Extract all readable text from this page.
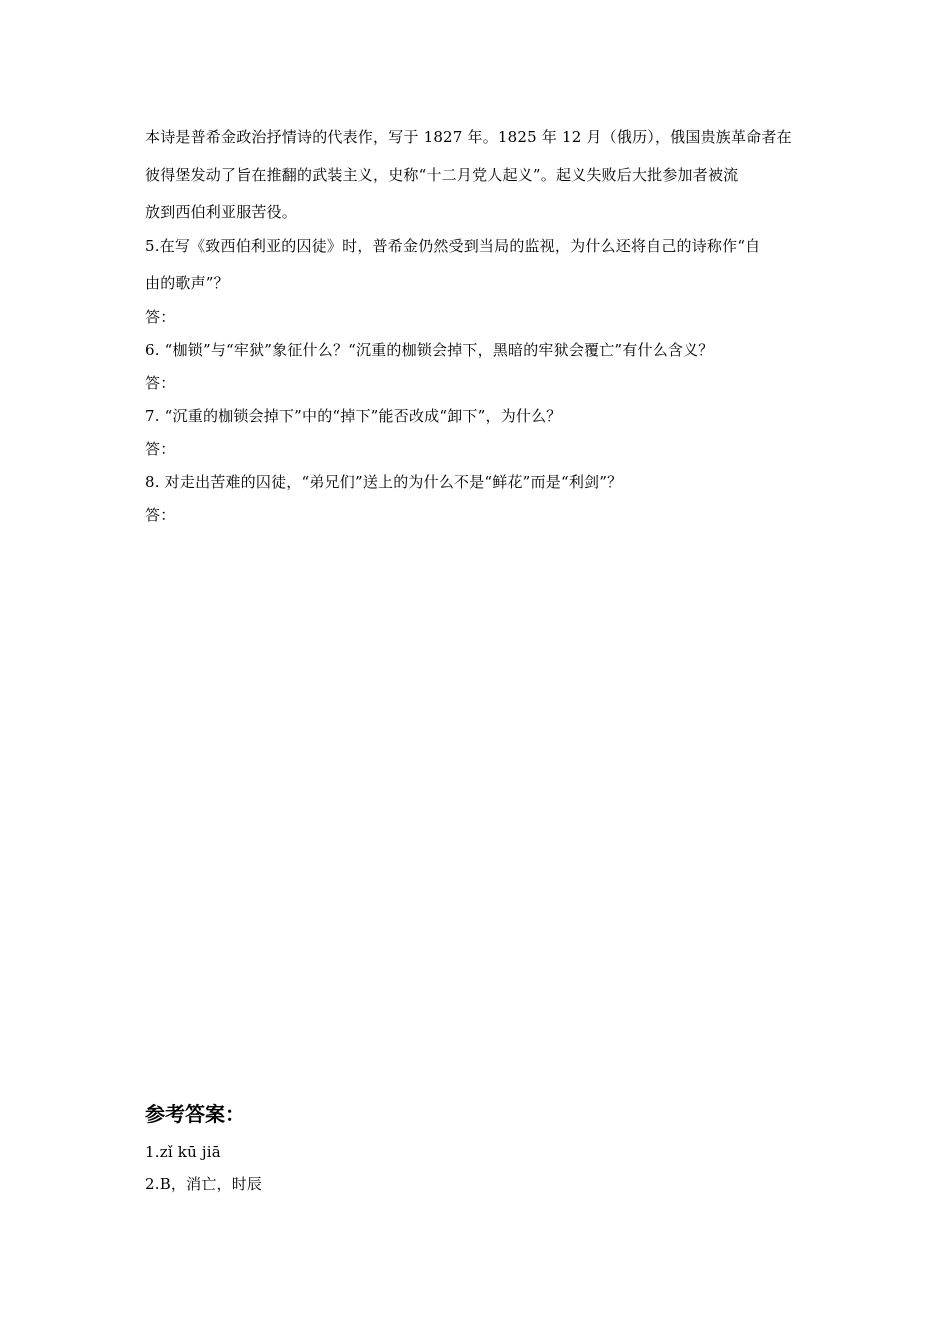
本诗是普希金政治抒情诗的代表作，写于 1827 年。1825 年 12 月（俄历），俄国贵族革命者在
彼得堡发动了旨在推翻的武装主义，史称“十二月党人起义”。起义失败后大批参加者被流
放到西伯利亚服苦役。
5.在写《致西伯利亚的囚徒》时，普希金仍然受到当局的监视，为什么还将自己的诗称作“自
由的歌声”？
答：
6. “枷锁”与“牢狱”象征什么？“沉重的枷锁会掉下，黑暗的牢狱会覆亡”有什么含义？
答：
7. “沉重的枷锁会掉下”中的“掉下”能否改成“卸下”，为什么？
答：
8. 对走出苦难的囚徒，“弟兄们”送上的为什么不是“鲜花”而是“利剑”？
答：
参考答案：
1.zǐ kū jiā
2.B，消亡，时辰
